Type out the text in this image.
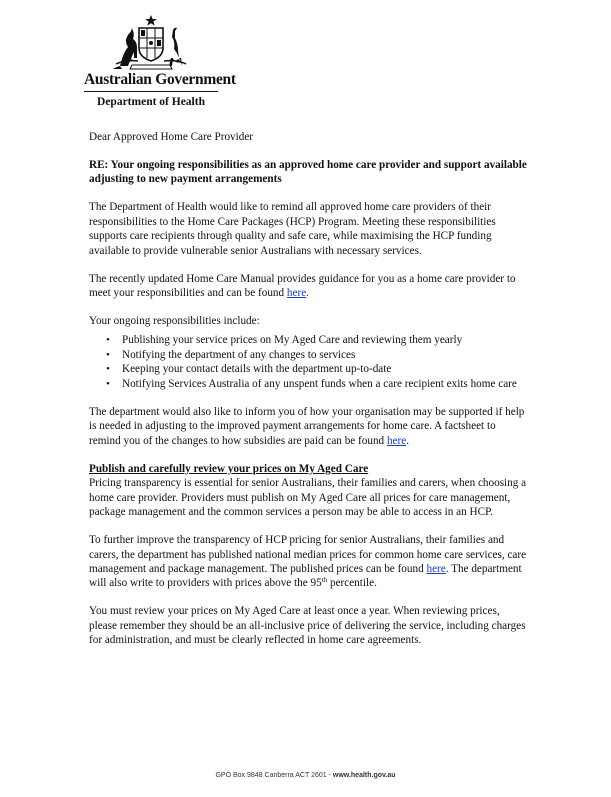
Australian Government
Department of Health

Dear Approved Home Care Provider

RE: Your ongoing responsibilities as an approved home care provider and support available adjusting to new payment arrangements

The Department of Health would like to remind all approved home care providers of their responsibilities to the Home Care Packages (HCP) Program. Meeting these responsibilities supports care recipients through quality and safe care, while maximising the HCP funding available to provide vulnerable senior Australians with necessary services.

The recently updated Home Care Manual provides guidance for you as a home care provider to meet your responsibilities and can be found here.

Your ongoing responsibilities include:

• Publishing your service prices on My Aged Care and reviewing them yearly
• Notifying the department of any changes to services
• Keeping your contact details with the department up-to-date
• Notifying Services Australia of any unspent funds when a care recipient exits home care

The department would also like to inform you of how your organisation may be supported if help is needed in adjusting to the improved payment arrangements for home care. A factsheet to remind you of the changes to how subsidies are paid can be found here.

Publish and carefully review your prices on My Aged Care

Pricing transparency is essential for senior Australians, their families and carers, when choosing a home care provider. Providers must publish on My Aged Care all prices for care management, package management and the common services a person may be able to access in an HCP.

To further improve the transparency of HCP pricing for senior Australians, their families and carers, the department has published national median prices for common home care services, care management and package management. The published prices can be found here. The department will also write to providers with prices above the 95th percentile.

You must review your prices on My Aged Care at least once a year. When reviewing prices, please remember they should be an all-inclusive price of delivering the service, including charges for administration, and must be clearly reflected in home care agreements.

GPO Box 9848 Canberra ACT 2601 - www.health.gov.au
